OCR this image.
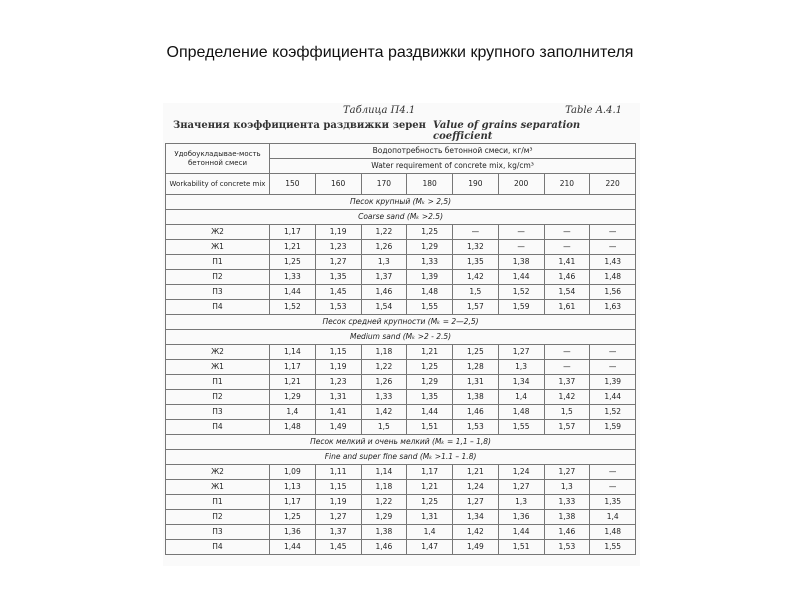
Определение коэффициента раздвижки крупного заполнителя
Таблица П4.1	Table A.4.1
Значения коэффициента раздвижки зерен Value of grains separation coefficient
Удобоукладывае-мость бетонной смеси	Водопотребность бетонной смеси, кг/м³							
	Water requirement of concrete mix, kg/cm³							
Workability of concrete mix	150	160	170	180	190	200	210	220
Песок крупный (Мₖ > 2,5)								
Coarse sand (Мₖ >2.5)								
Ж2	1,17	1,19	1,22	1,25	—	—	—	—
Ж1	1,21	1,23	1,26	1,29	1,32	—	—	—
П1	1,25	1,27	1,3	1,33	1,35	1,38	1,41	1,43
П2	1,33	1,35	1,37	1,39	1,42	1,44	1,46	1,48
П3	1,44	1,45	1,46	1,48	1,5	1,52	1,54	1,56
П4	1,52	1,53	1,54	1,55	1,57	1,59	1,61	1,63
Песок средней крупности (Мₖ = 2—2,5)								
Medium sand (Мₖ >2 - 2.5)								
Ж2	1,14	1,15	1,18	1,21	1,25	1,27	—	—
Ж1	1,17	1,19	1,22	1,25	1,28	1,3	—	—
П1	1,21	1,23	1,26	1,29	1,31	1,34	1,37	1,39
П2	1,29	1,31	1,33	1,35	1,38	1,4	1,42	1,44
П3	1,4	1,41	1,42	1,44	1,46	1,48	1,5	1,52
П4	1,48	1,49	1,5	1,51	1,53	1,55	1,57	1,59
Песок мелкий и очень мелкий (Мₖ = 1,1 – 1,8)								
Fine and super fine sand (Мₖ >1.1 – 1.8)								
Ж2	1,09	1,11	1,14	1,17	1,21	1,24	1,27	—
Ж1	1,13	1,15	1,18	1,21	1,24	1,27	1,3	—
П1	1,17	1,19	1,22	1,25	1,27	1,3	1,33	1,35
П2	1,25	1,27	1,29	1,31	1,34	1,36	1,38	1,4
П3	1,36	1,37	1,38	1,4	1,42	1,44	1,46	1,48
П4	1,44	1,45	1,46	1,47	1,49	1,51	1,53	1,55
